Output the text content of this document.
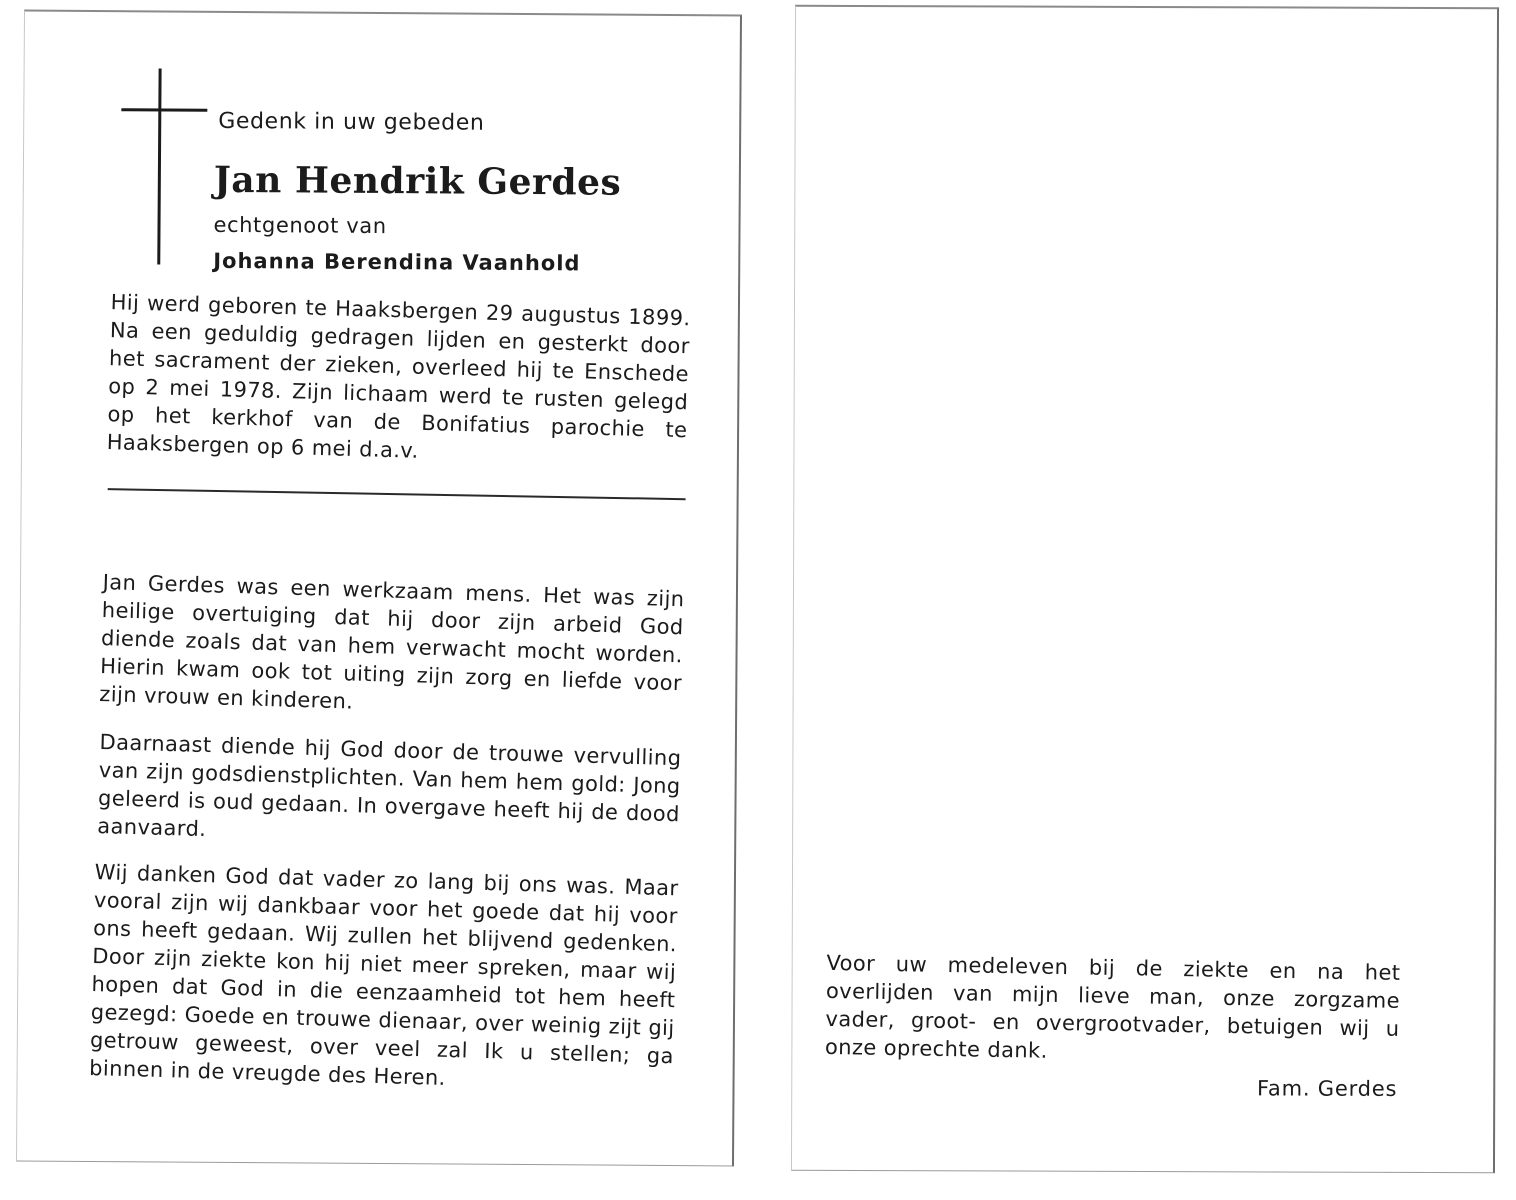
Gedenk in uw gebeden
Jan Hendrik Gerdes
echtgenoot van
Johanna Berendina Vaanhold
Hij werd geboren te Haaksbergen 29 augustus 1899. Na een geduldig gedragen lijden en gesterkt door het sacrament der zieken, overleed hij te Enschede op 2 mei 1978. Zijn lichaam werd te rusten gelegd op het kerkhof van de Bonifatius parochie te Haaksbergen op 6 mei d.a.v.
Jan Gerdes was een werkzaam mens. Het was zijn heilige overtuiging dat hij door zijn arbeid God diende zoals dat van hem verwacht mocht worden. Hierin kwam ook tot uiting zijn zorg en liefde voor zijn vrouw en kinderen.
Daarnaast diende hij God door de trouwe vervulling van zijn godsdienstplichten. Van hem hem gold: Jong geleerd is oud gedaan. In overgave heeft hij de dood aanvaard.
Wij danken God dat vader zo lang bij ons was. Maar vooral zijn wij dankbaar voor het goede dat hij voor ons heeft gedaan. Wij zullen het blijvend gedenken. Door zijn ziekte kon hij niet meer spreken, maar wij hopen dat God in die eenzaamheid tot hem heeft gezegd: Goede en trouwe dienaar, over weinig zijt gij getrouw geweest, over veel zal Ik u stellen; ga binnen in de vreugde des Heren.
Voor uw medeleven bij de ziekte en na het overlijden van mijn lieve man, onze zorgzame vader, groot- en overgrootvader, betuigen wij u onze oprechte dank.
Fam. Gerdes
